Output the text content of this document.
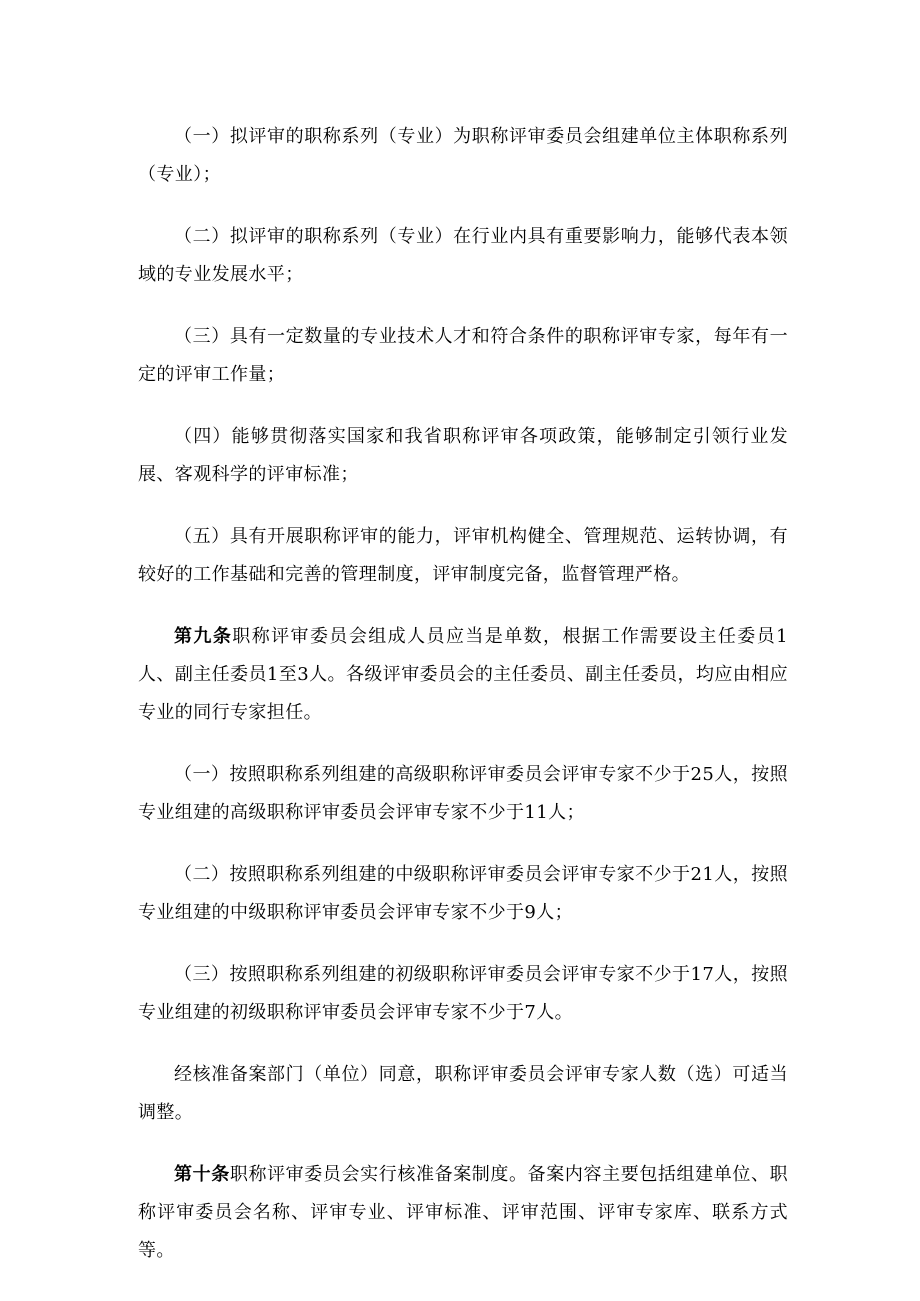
（一）拟评审的职称系列（专业）为职称评审委员会组建单位主体职称系列（专业）；

（二）拟评审的职称系列（专业）在行业内具有重要影响力，能够代表本领域的专业发展水平；

（三）具有一定数量的专业技术人才和符合条件的职称评审专家，每年有一定的评审工作量；

（四）能够贯彻落实国家和我省职称评审各项政策，能够制定引领行业发展、客观科学的评审标准；

（五）具有开展职称评审的能力，评审机构健全、管理规范、运转协调，有较好的工作基础和完善的管理制度，评审制度完备，监督管理严格。

第九条职称评审委员会组成人员应当是单数，根据工作需要设主任委员1人、副主任委员1至3人。各级评审委员会的主任委员、副主任委员，均应由相应专业的同行专家担任。

（一）按照职称系列组建的高级职称评审委员会评审专家不少于25人，按照专业组建的高级职称评审委员会评审专家不少于11人；

（二）按照职称系列组建的中级职称评审委员会评审专家不少于21人，按照专业组建的中级职称评审委员会评审专家不少于9人；

（三）按照职称系列组建的初级职称评审委员会评审专家不少于17人，按照专业组建的初级职称评审委员会评审专家不少于7人。

经核准备案部门（单位）同意，职称评审委员会评审专家人数（选）可适当调整。

第十条职称评审委员会实行核准备案制度。备案内容主要包括组建单位、职称评审委员会名称、评审专业、评审标准、评审范围、评审专家库、联系方式等。
